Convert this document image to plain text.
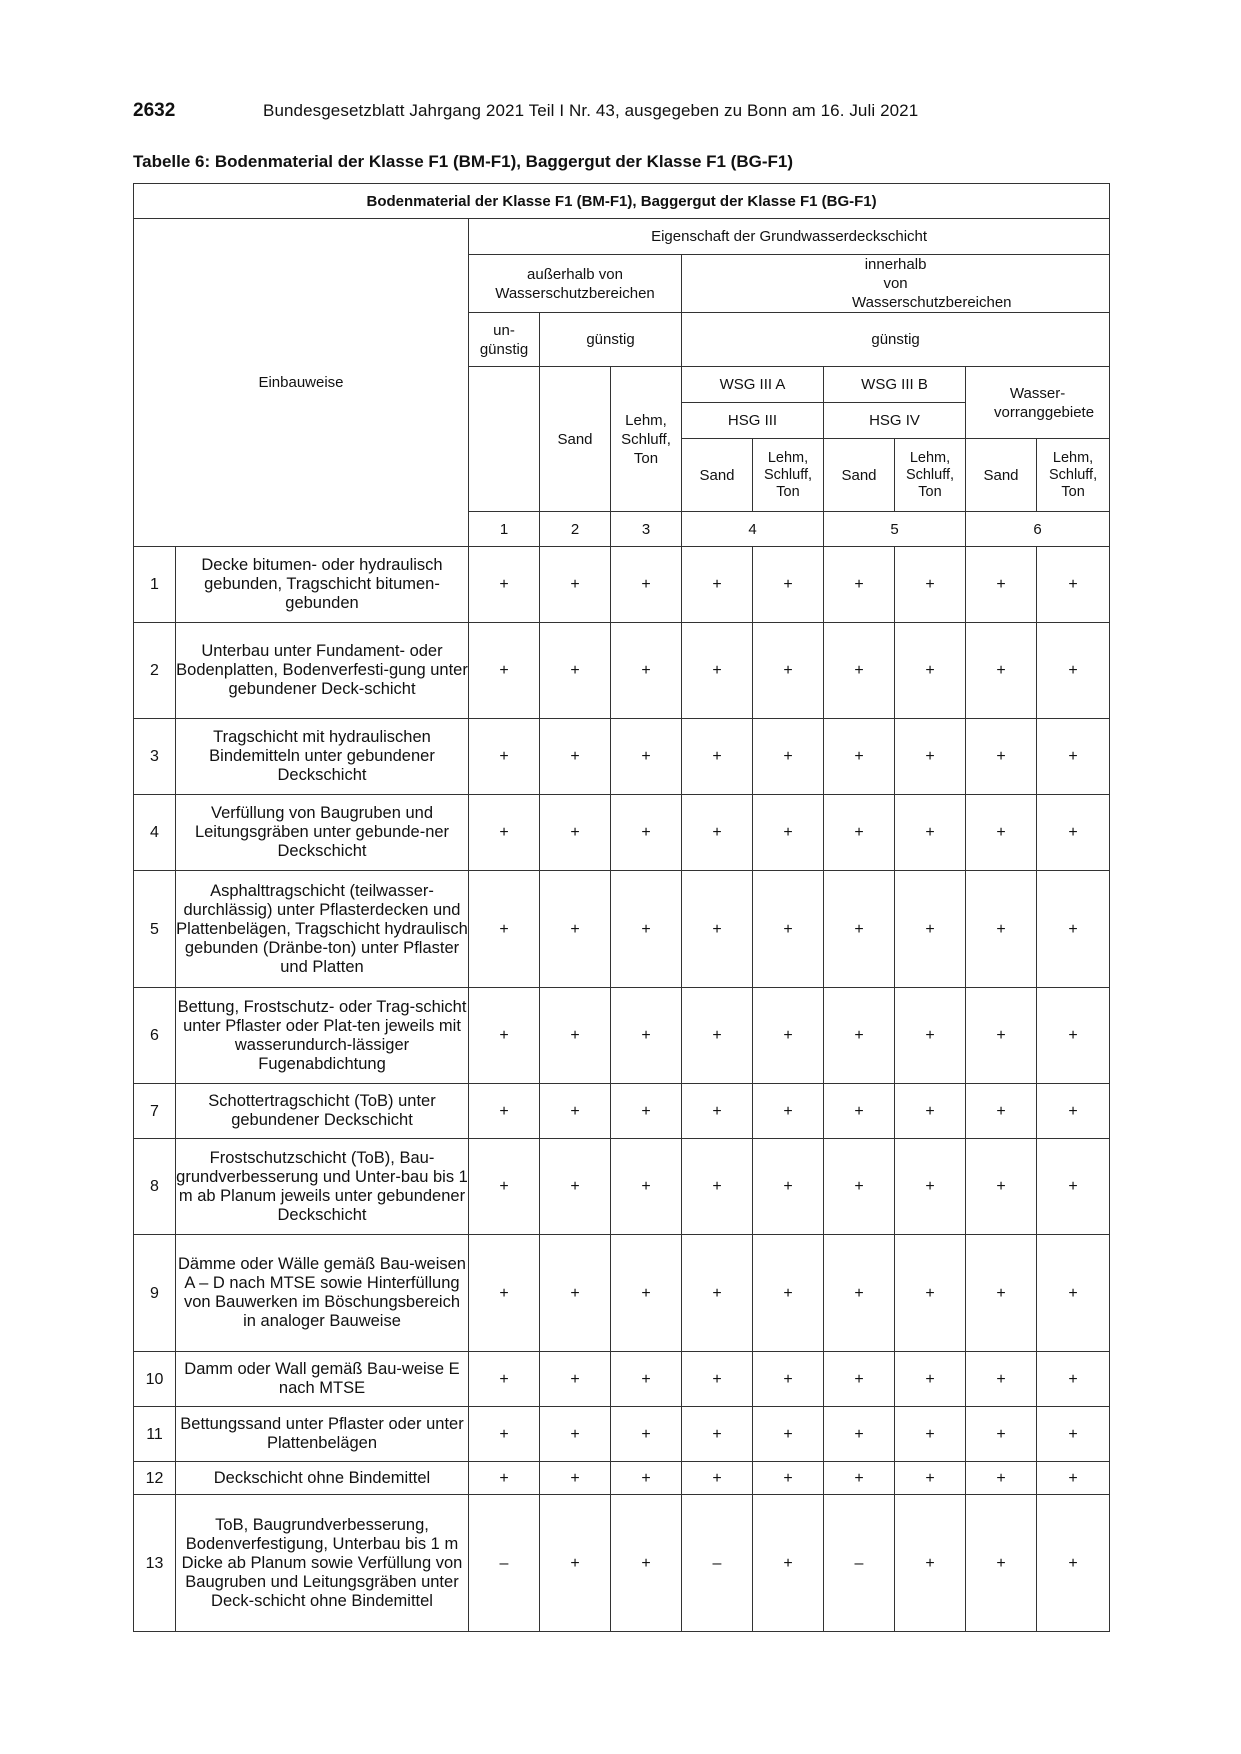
2632	Bundesgesetzblatt Jahrgang 2021 Teil I Nr. 43, ausgegeben zu Bonn am 16. Juli 2021
Tabelle 6: Bodenmaterial der Klasse F1 (BM-F1), Baggergut der Klasse F1 (BG-F1)
Bodenmaterial der Klasse F1 (BM-F1), Baggergut der Klasse F1 (BG-F1)										
Einbauweise		Eigenschaft der Grundwasserdeckschicht								
		außerhalb von Wasserschutzbereichen			innerhalb von Wasserschutzbereichen					
		un-günstig	günstig		günstig					
			Sand	Lehm, Schluff, Ton	WSG III A		WSG III B		Wasser-vorranggebiete	
					HSG III		HSG IV			
					Sand	Lehm, Schluff, Ton	Sand	Lehm, Schluff, Ton	Sand	Lehm, Schluff, Ton
		1	2	3	4		5		6	
1	Decke bitumen- oder hydraulisch gebunden, Tragschicht bitumen-gebunden	+	+	+	+	+	+	+	+	+
2	Unterbau unter Fundament- oder Bodenplatten, Bodenverfesti-gung unter gebundener Deck-schicht	+	+	+	+	+	+	+	+	+
3	Tragschicht mit hydraulischen Bindemitteln unter gebundener Deckschicht	+	+	+	+	+	+	+	+	+
4	Verfüllung von Baugruben und Leitungsgräben unter gebunde-ner Deckschicht	+	+	+	+	+	+	+	+	+
5	Asphalttragschicht (teilwasser-durchlässig) unter Pflasterdecken und Plattenbelägen, Tragschicht hydraulisch gebunden (Dränbe-ton) unter Pflaster und Platten	+	+	+	+	+	+	+	+	+
6	Bettung, Frostschutz- oder Trag-schicht unter Pflaster oder Plat-ten jeweils mit wasserundurch-lässiger Fugenabdichtung	+	+	+	+	+	+	+	+	+
7	Schottertragschicht (ToB) unter gebundener Deckschicht	+	+	+	+	+	+	+	+	+
8	Frostschutzschicht (ToB), Bau-grundverbesserung und Unter-bau bis 1 m ab Planum jeweils unter gebundener Deckschicht	+	+	+	+	+	+	+	+	+
9	Dämme oder Wälle gemäß Bau-weisen A – D nach MTSE sowie Hinterfüllung von Bauwerken im Böschungsbereich in analoger Bauweise	+	+	+	+	+	+	+	+	+
10	Damm oder Wall gemäß Bau-weise E nach MTSE	+	+	+	+	+	+	+	+	+
11	Bettungssand unter Pflaster oder unter Plattenbelägen	+	+	+	+	+	+	+	+	+
12	Deckschicht ohne Bindemittel	+	+	+	+	+	+	+	+	+
13	ToB, Baugrundverbesserung, Bodenverfestigung, Unterbau bis 1 m Dicke ab Planum sowie Verfüllung von Baugruben und Leitungsgräben unter Deck-schicht ohne Bindemittel	–	+	+	–	+	–	+	+	+
